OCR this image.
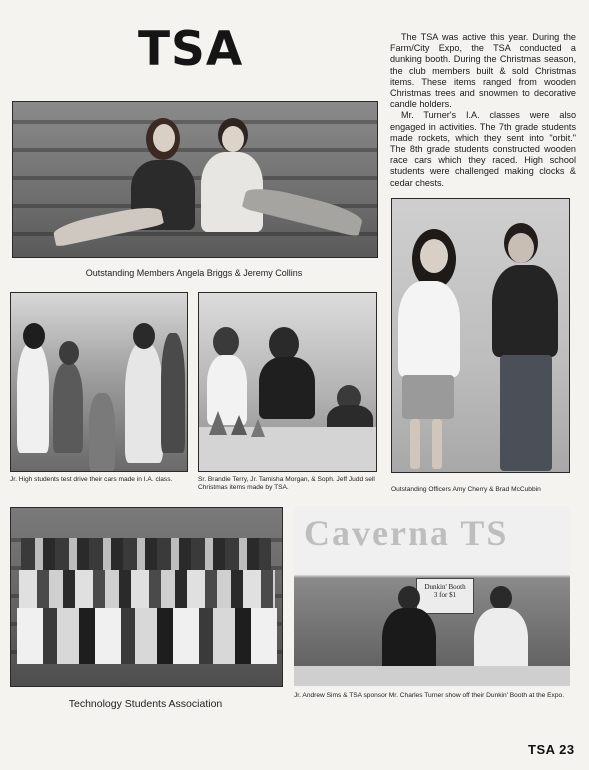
TSA	The TSA was active this year. During the Farm/City Expo, the TSA conducted a dunking booth. During the Christmas season, the club members built & sold Christmas items. These items ranged from wooden Christmas trees and snowmen to decorative candle holders.

Mr. Turner's I.A. classes were also engaged in activities. The 7th grade students made rockets, which they sent into "orbit." The 8th grade students constructed wooden race cars which they raced. High school students were challenged making clocks & cedar chests.

Outstanding Members Angela Briggs & Jeremy Collins
Jr. High students test drive their cars made in I.A. class.	Sr. Brandie Terry, Jr. Tamisha Morgan, & Soph. Jeff Judd sell Christmas items made by TSA.	Outstanding Officers Amy Cherry & Brad McCubbin
Technology Students Association
Caverna TS
Dunkin' Booth
3 for $1
Jr. Andrew Sims & TSA sponsor Mr. Charles Turner show off their Dunkin' Booth at the Expo.
TSA 23
